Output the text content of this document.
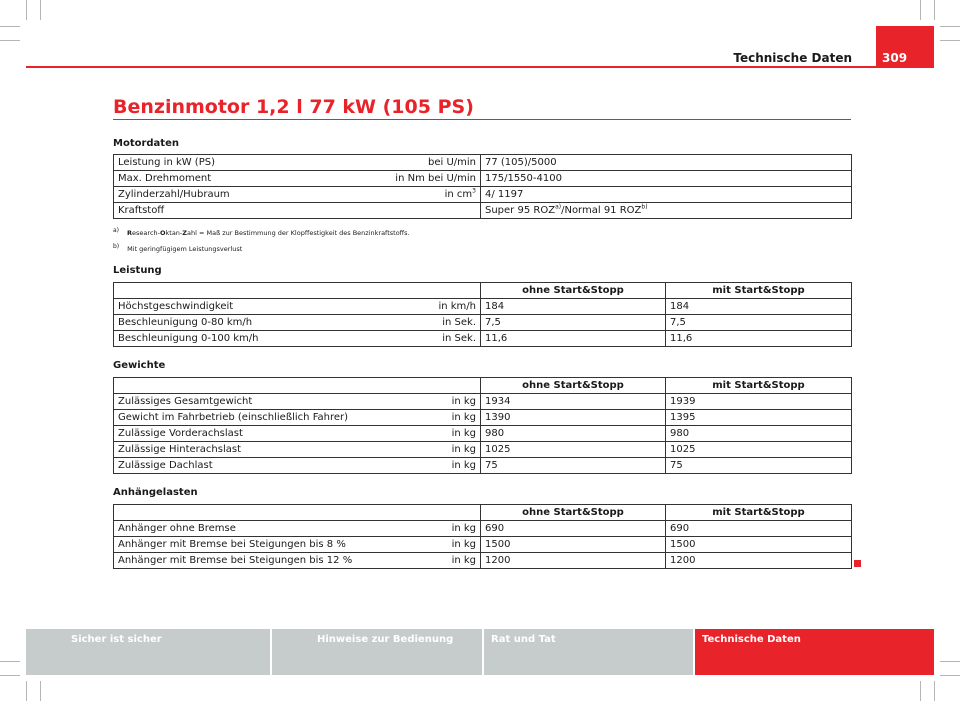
Technische Daten	309
Benzinmotor 1,2 l 77 kW (105 PS)
Motordaten
Leistung in kW (PS)	bei U/min	77 (105)/5000
Max. Drehmoment	in Nm bei U/min	175/1550-4100
Zylinderzahl/Hubraum	in $cm^3$	4/ 1197
Kraftstoff		Super 95 ROZ$^{a)}$/Normal 91 ROZ$^{b)}$
$^{a)}$ Research-Oktan-Zahl = Maß zur Bestimmung der Klopffestigkeit des Benzinkraftstoffs.
$^{b)}$ Mit geringfügigem Leistungsverlust
Leistung
		ohne Start&Stopp	mit Start&Stopp
Höchstgeschwindigkeit	in km/h	184	184
Beschleunigung 0-80 km/h	in Sek.	7,5	7,5
Beschleunigung 0-100 km/h	in Sek.	11,6	11,6
Gewichte
		ohne Start&Stopp	mit Start&Stopp
Zulässiges Gesamtgewicht	in kg	1934	1939
Gewicht im Fahrbetrieb (einschließlich Fahrer)	in kg	1390	1395
Zulässige Vorderachslast	in kg	980	980
Zulässige Hinterachslast	in kg	1025	1025
Zulässige Dachlast	in kg	75	75
Anhängelasten
		ohne Start&Stopp	mit Start&Stopp
Anhänger ohne Bremse	in kg	690	690
Anhänger mit Bremse bei Steigungen bis 8 %	in kg	1500	1500
Anhänger mit Bremse bei Steigungen bis 12 %	in kg	1200	1200
Sicher ist sicher	Hinweise zur Bedienung	Rat und Tat	Technische Daten
